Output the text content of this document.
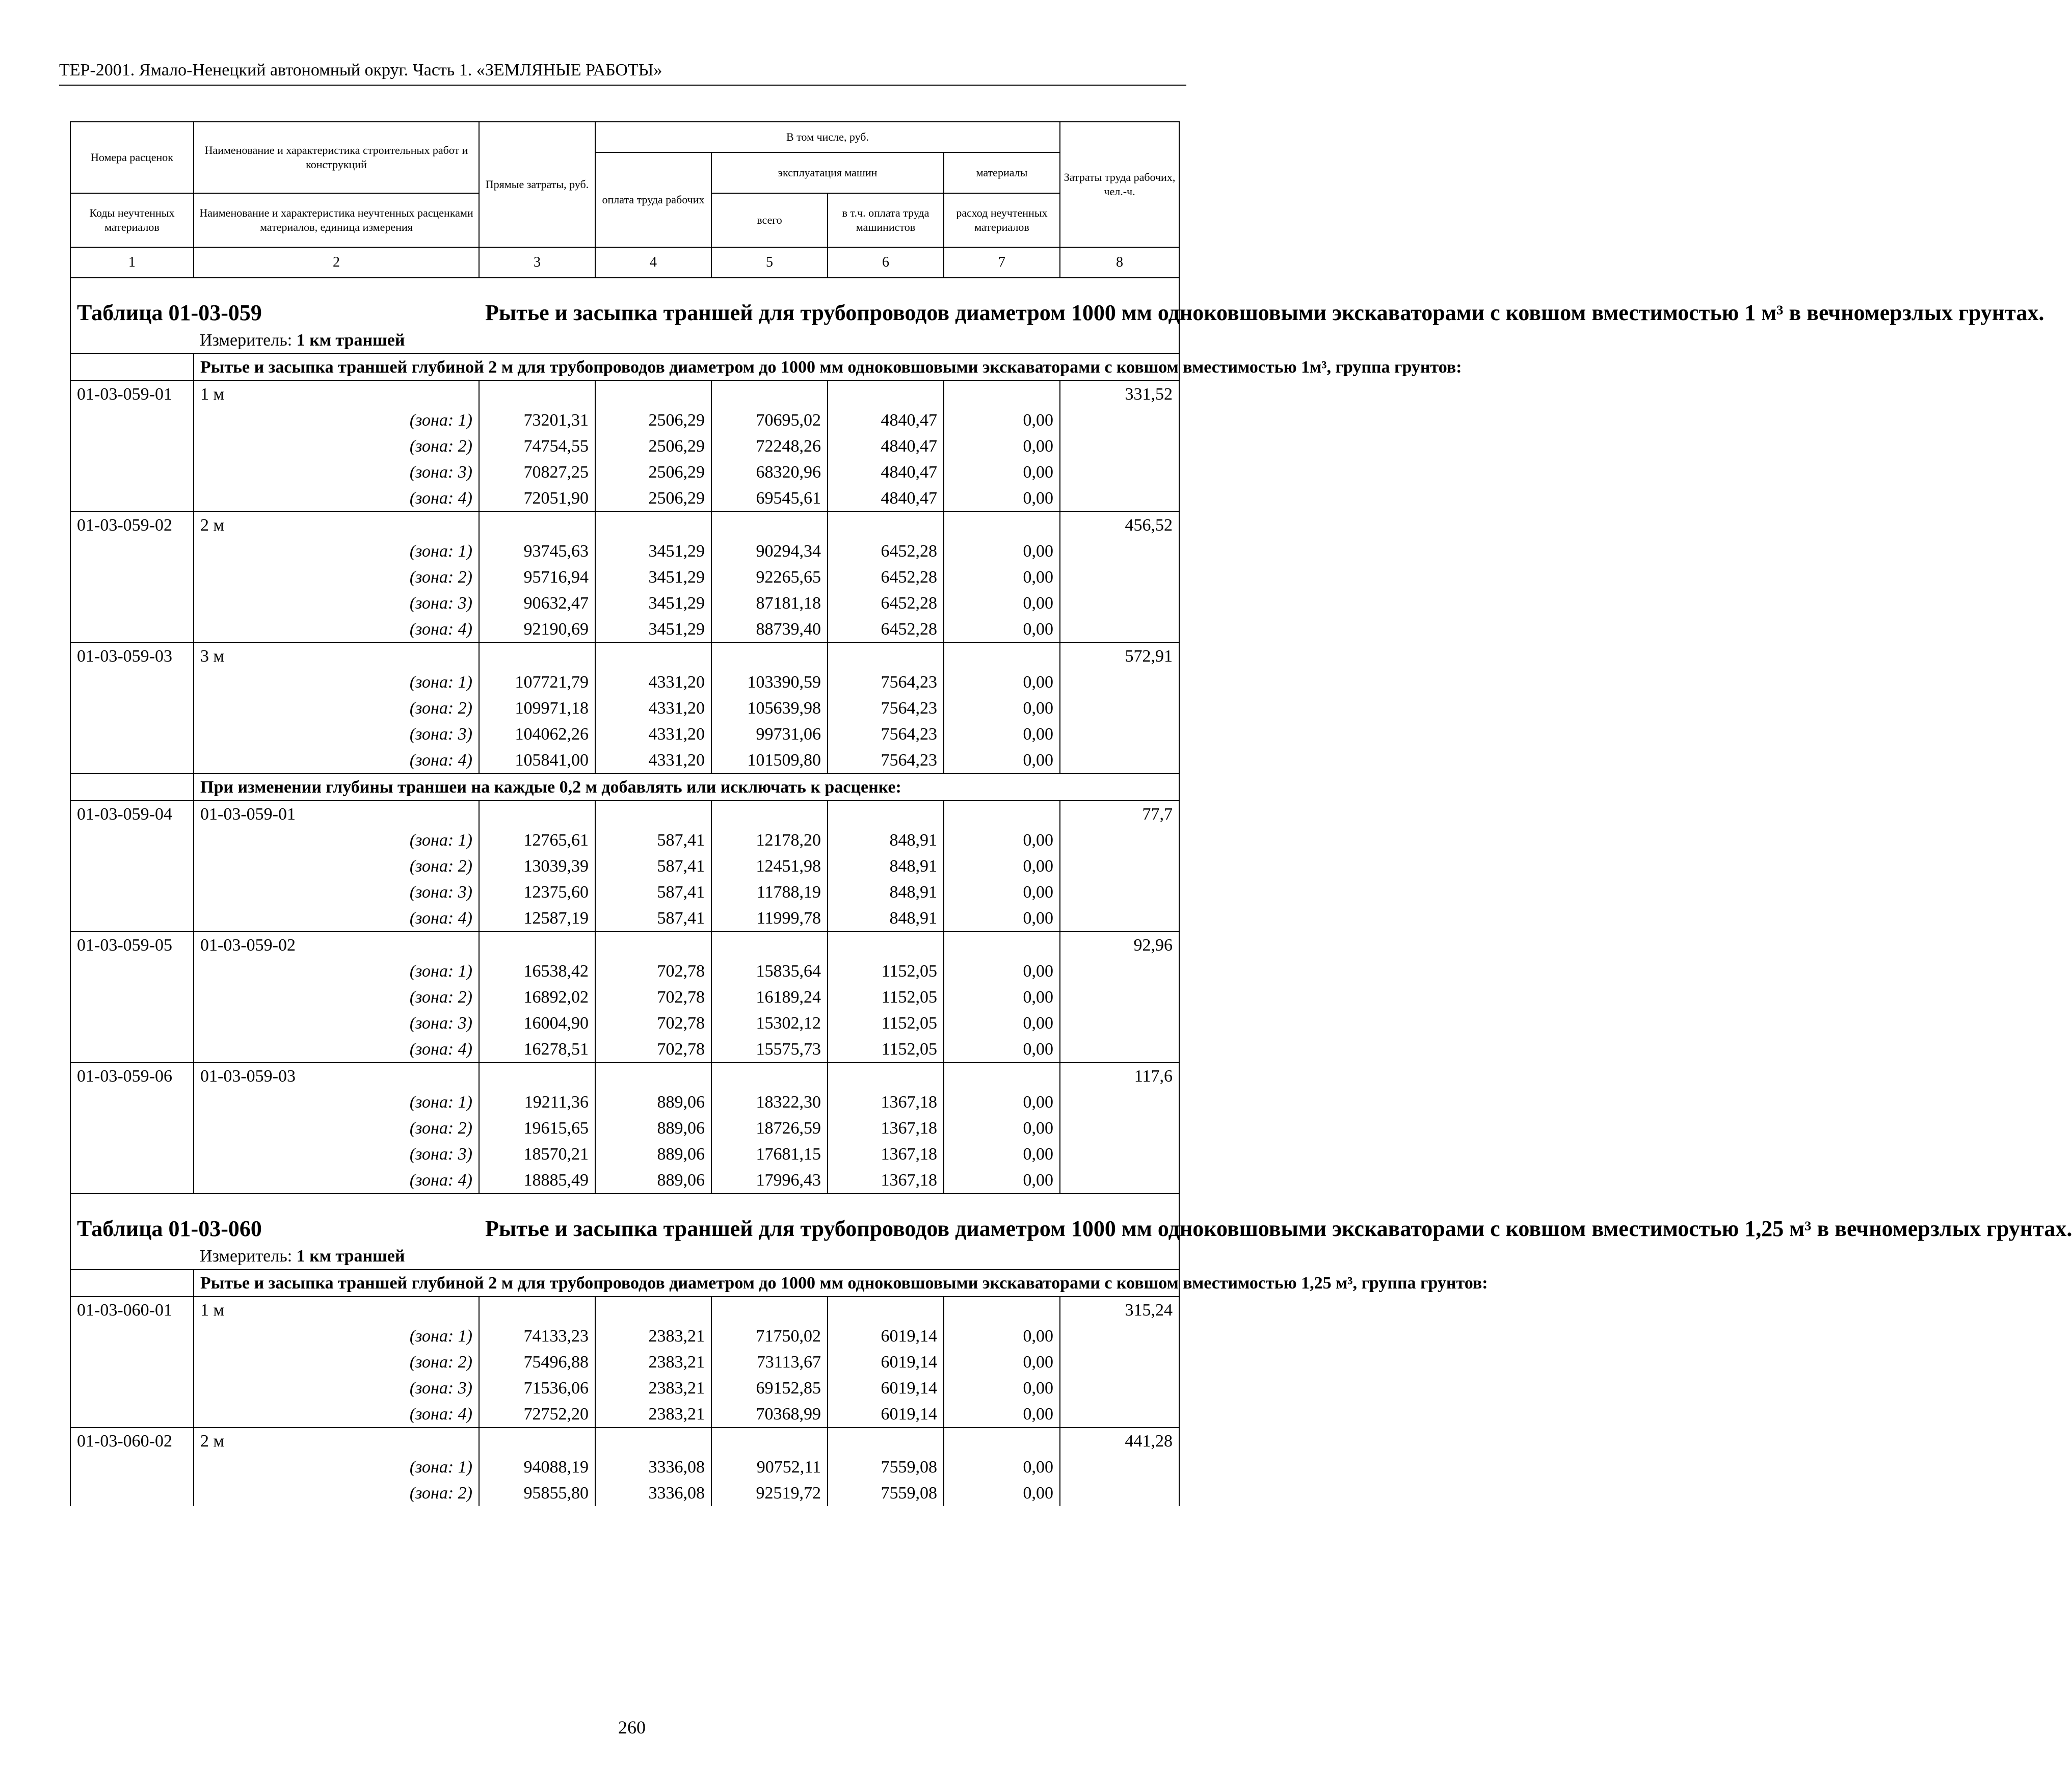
ТЕР-2001. Ямало-Ненецкий автономный округ. Часть 1. «ЗЕМЛЯНЫЕ РАБОТЫ»
Номера расценок	Наименование и характеристика строительных работ и конструкций	Прямые затраты, руб.	В том числе, руб.				Затраты труда рабочих, чел.-ч.
			оплата труда рабочих	эксплуатация машин		материалы	
Коды неучтенных материалов	Наименование и характеристика неучтенных расценками материалов, единица измерения			всего	в т.ч. оплата труда машинистов	расход неучтенных материалов	
1	2	3	4	5	6	7	8

Таблица 01-03-059		Рытье и засыпка траншей для трубопроводов диаметром 1000 мм одноковшовыми экскаваторами с ковшом вместимостью 1 м³ в вечномерзлых грунтах.					

	Измеритель: 1 км траншей						
	Рытье и засыпка траншей глубиной 2 м для трубопроводов диаметром до 1000 мм одноковшовыми экскаваторами с ковшом вместимостью 1м³, группа грунтов:						
01-03-059-01	1 м						331,52
	(зона: 1)	73201,31	2506,29	70695,02	4840,47	0,00	
	(зона: 2)	74754,55	2506,29	72248,26	4840,47	0,00	
	(зона: 3)	70827,25	2506,29	68320,96	4840,47	0,00	
	(зона: 4)	72051,90	2506,29	69545,61	4840,47	0,00	
01-03-059-02	2 м						456,52
	(зона: 1)	93745,63	3451,29	90294,34	6452,28	0,00	
	(зона: 2)	95716,94	3451,29	92265,65	6452,28	0,00	
	(зона: 3)	90632,47	3451,29	87181,18	6452,28	0,00	
	(зона: 4)	92190,69	3451,29	88739,40	6452,28	0,00	
01-03-059-03	3 м						572,91
	(зона: 1)	107721,79	4331,20	103390,59	7564,23	0,00	
	(зона: 2)	109971,18	4331,20	105639,98	7564,23	0,00	
	(зона: 3)	104062,26	4331,20	99731,06	7564,23	0,00	
	(зона: 4)	105841,00	4331,20	101509,80	7564,23	0,00	
	При изменении глубины траншеи на каждые 0,2 м добавлять или исключать к расценке:						
01-03-059-04	01-03-059-01						77,7
	(зона: 1)	12765,61	587,41	12178,20	848,91	0,00	
	(зона: 2)	13039,39	587,41	12451,98	848,91	0,00	
	(зона: 3)	12375,60	587,41	11788,19	848,91	0,00	
	(зона: 4)	12587,19	587,41	11999,78	848,91	0,00	
01-03-059-05	01-03-059-02						92,96
	(зона: 1)	16538,42	702,78	15835,64	1152,05	0,00	
	(зона: 2)	16892,02	702,78	16189,24	1152,05	0,00	
	(зона: 3)	16004,90	702,78	15302,12	1152,05	0,00	
	(зона: 4)	16278,51	702,78	15575,73	1152,05	0,00	
01-03-059-06	01-03-059-03						117,6
	(зона: 1)	19211,36	889,06	18322,30	1367,18	0,00	
	(зона: 2)	19615,65	889,06	18726,59	1367,18	0,00	
	(зона: 3)	18570,21	889,06	17681,15	1367,18	0,00	
	(зона: 4)	18885,49	889,06	17996,43	1367,18	0,00	

Таблица 01-03-060		Рытье и засыпка траншей для трубопроводов диаметром 1000 мм одноковшовыми экскаваторами с ковшом вместимостью 1,25 м³ в вечномерзлых грунтах.					

	Измеритель: 1 км траншей						
	Рытье и засыпка траншей глубиной 2 м для трубопроводов диаметром до 1000 мм одноковшовыми экскаваторами с ковшом вместимостью 1,25 м³, группа грунтов:						
01-03-060-01	1 м						315,24
	(зона: 1)	74133,23	2383,21	71750,02	6019,14	0,00	
	(зона: 2)	75496,88	2383,21	73113,67	6019,14	0,00	
	(зона: 3)	71536,06	2383,21	69152,85	6019,14	0,00	
	(зона: 4)	72752,20	2383,21	70368,99	6019,14	0,00	
01-03-060-02	2 м						441,28
	(зона: 1)	94088,19	3336,08	90752,11	7559,08	0,00	
	(зона: 2)	95855,80	3336,08	92519,72	7559,08	0,00	
260
